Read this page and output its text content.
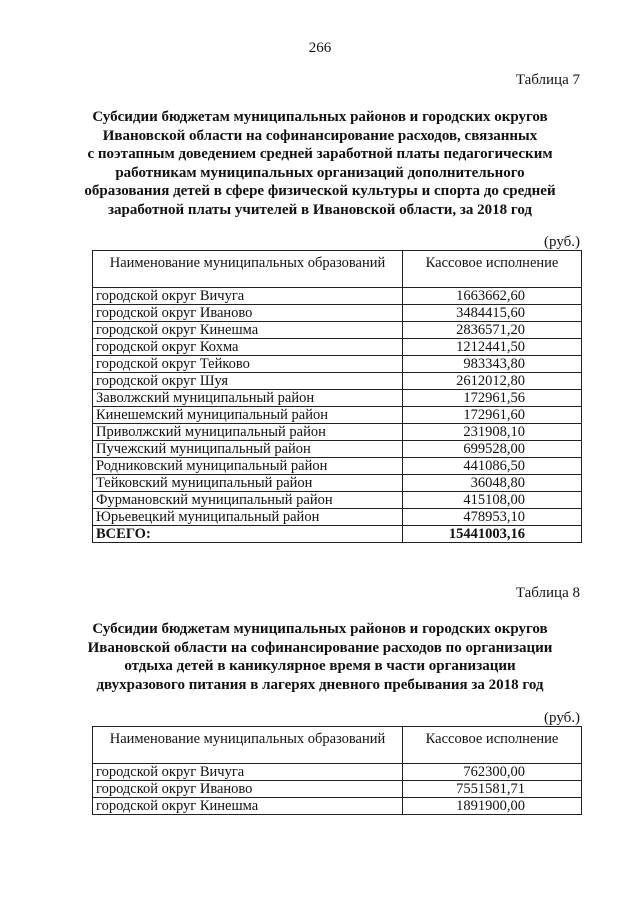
266
Таблица 7
Субсидии бюджетам муниципальных районов и городских округов
Ивановской области на софинансирование расходов, связанных
с поэтапным доведением средней заработной платы педагогическим
работникам муниципальных организаций дополнительного
образования детей в сфере физической культуры и спорта до средней
заработной платы учителей в Ивановской области, за 2018 год
(руб.)
Наименование муниципальных образований	Кассовое исполнение
городской округ Вичуга	1663662,60
городской округ Иваново	3484415,60
городской округ Кинешма	2836571,20
городской округ Кохма	1212441,50
городской округ Тейково	983343,80
городской округ Шуя	2612012,80
Заволжский муниципальный район	172961,56
Кинешемский муниципальный район	172961,60
Приволжский муниципальный район	231908,10
Пучежский муниципальный район	699528,00
Родниковский муниципальный район	441086,50
Тейковский муниципальный район	36048,80
Фурмановский муниципальный район	415108,00
Юрьевецкий муниципальный район	478953,10
ВСЕГО:	15441003,16
Таблица 8
Субсидии бюджетам муниципальных районов и городских округов
Ивановской области на софинансирование расходов по организации
отдыха детей в каникулярное время в части организации
двухразового питания в лагерях дневного пребывания за 2018 год
(руб.)
Наименование муниципальных образований	Кассовое исполнение
городской округ Вичуга	762300,00
городской округ Иваново	7551581,71
городской округ Кинешма	1891900,00
